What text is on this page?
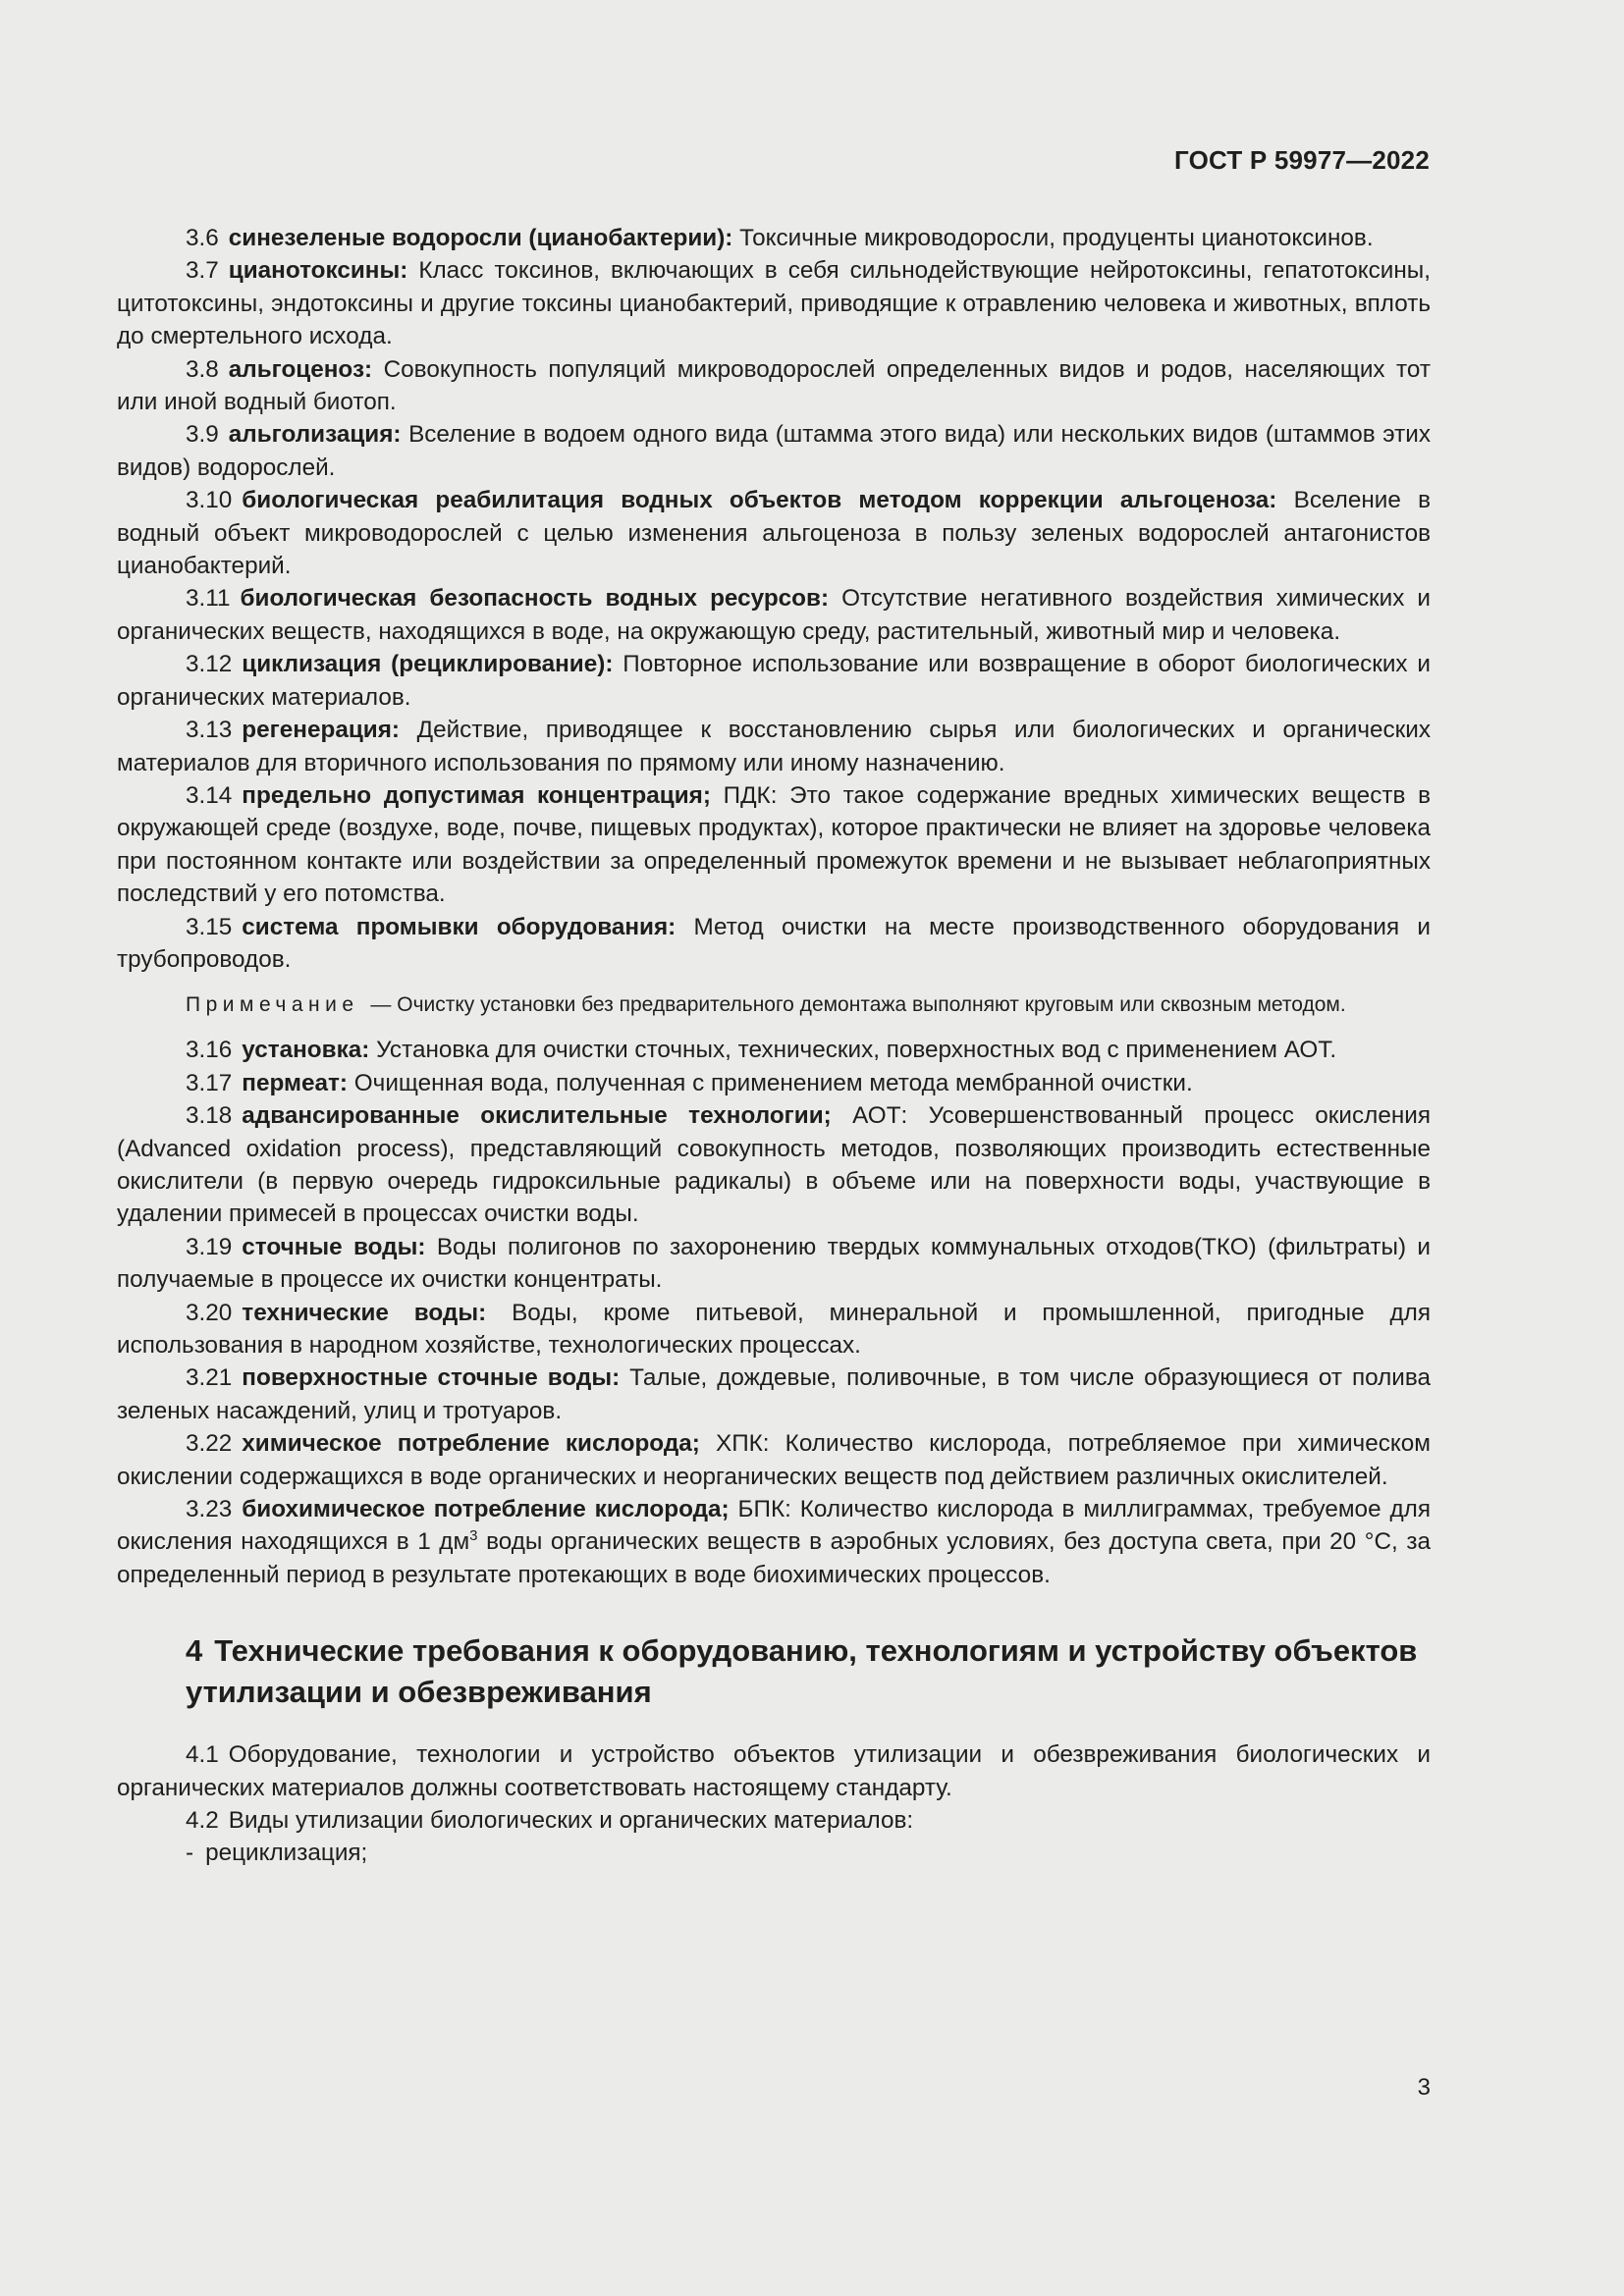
ГОСТ Р 59977—2022

3.6 синезеленые водоросли (цианобактерии): Токсичные микроводоросли, продуценты цианотоксинов.

3.7 цианотоксины: Класс токсинов, включающих в себя сильнодействующие нейротоксины, гепатотоксины, цитотоксины, эндотоксины и другие токсины цианобактерий, приводящие к отравлению человека и животных, вплоть до смертельного исхода.

3.8 альгоценоз: Совокупность популяций микроводорослей определенных видов и родов, населяющих тот или иной водный биотоп.

3.9 альголизация: Вселение в водоем одного вида (штамма этого вида) или нескольких видов (штаммов этих видов) водорослей.

3.10 биологическая реабилитация водных объектов методом коррекции альгоценоза: Вселение в водный объект микроводорослей с целью изменения альгоценоза в пользу зеленых водорослей антагонистов цианобактерий.

3.11 биологическая безопасность водных ресурсов: Отсутствие негативного воздействия химических и органических веществ, находящихся в воде, на окружающую среду, растительный, животный мир и человека.

3.12 циклизация (рециклирование): Повторное использование или возвращение в оборот биологических и органических материалов.

3.13 регенерация: Действие, приводящее к восстановлению сырья или биологических и органических материалов для вторичного использования по прямому или иному назначению.

3.14 предельно допустимая концентрация; ПДК: Это такое содержание вредных химических веществ в окружающей среде (воздухе, воде, почве, пищевых продуктах), которое практически не влияет на здоровье человека при постоянном контакте или воздействии за определенный промежуток времени и не вызывает неблагоприятных последствий у его потомства.

3.15 система промывки оборудования: Метод очистки на месте производственного оборудования и трубопроводов.

Примечание — Очистку установки без предварительного демонтажа выполняют круговым или сквозным методом.

3.16 установка: Установка для очистки сточных, технических, поверхностных вод с применением АОТ.

3.17 пермеат: Очищенная вода, полученная с применением метода мембранной очистки.

3.18 адвансированные окислительные технологии; АОТ: Усовершенствованный процесс окисления (Advanced oxidation process), представляющий совокупность методов, позволяющих производить естественные окислители (в первую очередь гидроксильные радикалы) в объеме или на поверхности воды, участвующие в удалении примесей в процессах очистки воды.

3.19 сточные воды: Воды полигонов по захоронению твердых коммунальных отходов(ТКО) (фильтраты) и получаемые в процессе их очистки концентраты.

3.20 технические воды: Воды, кроме питьевой, минеральной и промышленной, пригодные для использования в народном хозяйстве, технологических процессах.

3.21 поверхностные сточные воды: Талые, дождевые, поливочные, в том числе образующиеся от полива зеленых насаждений, улиц и тротуаров.

3.22 химическое потребление кислорода; ХПК: Количество кислорода, потребляемое при химическом окислении содержащихся в воде органических и неорганических веществ под действием различных окислителей.

3.23 биохимическое потребление кислорода; БПК: Количество кислорода в миллиграммах, требуемое для окисления находящихся в 1 $дм^3$ воды органических веществ в аэробных условиях, без доступа света, при 20 °С, за определенный период в результате протекающих в воде биохимических процессов.

4 Технические требования к оборудованию, технологиям и устройству объектов утилизации и обезвреживания

4.1 Оборудование, технологии и устройство объектов утилизации и обезвреживания биологических и органических материалов должны соответствовать настоящему стандарту.

4.2 Виды утилизации биологических и органических материалов:

- рециклизация;

3
